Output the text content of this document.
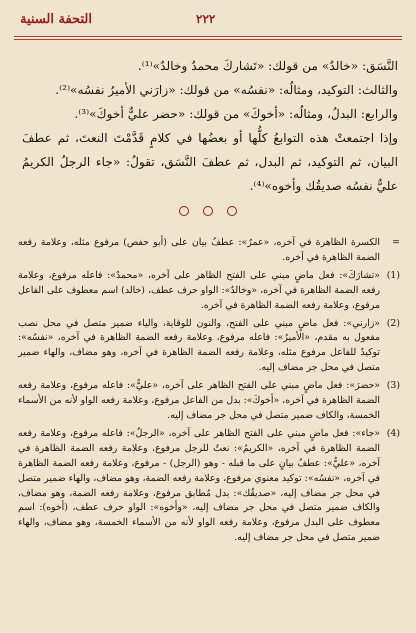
التحفة السنية	٢٢٢

النَّسَق: «خالدٌ» من قولك: «تَشاركَ محمدٌ وخالدٌ»⁽¹⁾.

والثالث: التوكيد، ومثالُه: «نفسُه» من قولك: «زارَني الأميرُ نفسُه»⁽²⁾.

والرابع: البدلُ، ومثالُه: «أخوكَ» من قولك: «حضر عليٌّ أخوكَ»⁽³⁾.

وإذا اجتمعتْ هذه التوابعُ كلُّها أو بعضُها في كلامٍ قَدَّمْتَ النعتَ، ثم عطفَ البيان، ثم التوكيد، ثم البدل، ثم عطفَ النَّسَق، تقولُ: «جاء الرجلُ الكريمُ عليٌّ نفسُه صديقُك وأخوه»⁽⁴⁾.

=
الكسرة الظاهرة في آخره، «عمرٌ»: عطفُ بيان على (أبو حفص) مرفوع مثله، وعلامة رفعه الضمة الظاهرة في آخره.
(1)
«تشارَكَ»: فعل ماضٍ مبني على الفتح الظاهر على آخره، «محمدٌ»: فاعله مرفوع، وعلامة رفعه الضمة الظاهرة في آخره، «وخالدٌ»: الواو حرف عطف، (خالد) اسم معطوف على الفاعل مرفوع، وعلامة رفعه الضمة الظاهرة في آخره.
(2)
«زارني»: فعل ماضٍ مبني على الفتح، والنون للوقاية، والياء ضمير متصل في محل نصب مفعول به مقدم، «الأميرُ»: فاعله مرفوع، وعلامة رفعه الضمة الظاهرة في آخره، «نفسُه»: توكيدٌ للفاعل مرفوع مثله، وعلامة رفعه الضمة الظاهرة في آخره، وهو مضاف، والهاء ضمير متصل في محل جر مضاف إليه.
(3)
«حضرَ»: فعل ماضٍ مبني على الفتح الظاهر على آخره، «عليٌّ»: فاعله مرفوع، وعلامة رفعه الضمة الظاهرة في آخره، «أخوكَ»: بدل من الفاعل مرفوع، وعلامة رفعه الواو لأنه من الأسماء الخمسة، والكاف ضمير متصل في محل جر مضاف إليه.
(4)
«جاء»: فعل ماضٍ مبني على الفتح الظاهر على آخره، «الرجلُ»: فاعله مرفوع، وعلامة رفعه الضمة الظاهرة في آخره، «الكريمُ»: نعتٌ للرجل مرفوع، وعلامة رفعه الضمة الظاهرة في آخره، «عليٌّ»: عطفُ بيانٍ على ما قبله - وهو (الرجل) - مرفوع، وعلامة رفعه الضمة الظاهرة في آخره، «نفسُه»: توكيد معنوي مرفوع، وعلامة رفعه الضمة، وهو مضاف، والهاء ضمير متصل في محل جر مضاف إليه، «صديقُك»: بدل مُطابق مرفوع، وعلامة رفعه الضمة، وهو مضاف، والكاف ضمير متصل في محل جر مضاف إليه، «وأخوه»: الواو حرف عطف، (أخوه): اسم معطوف على البدل مرفوع، وعلامة رفعه الواو لأنه من الأسماء الخمسة، وهو مضاف، والهاء ضمير متصل في محل جر مضاف إليه.
